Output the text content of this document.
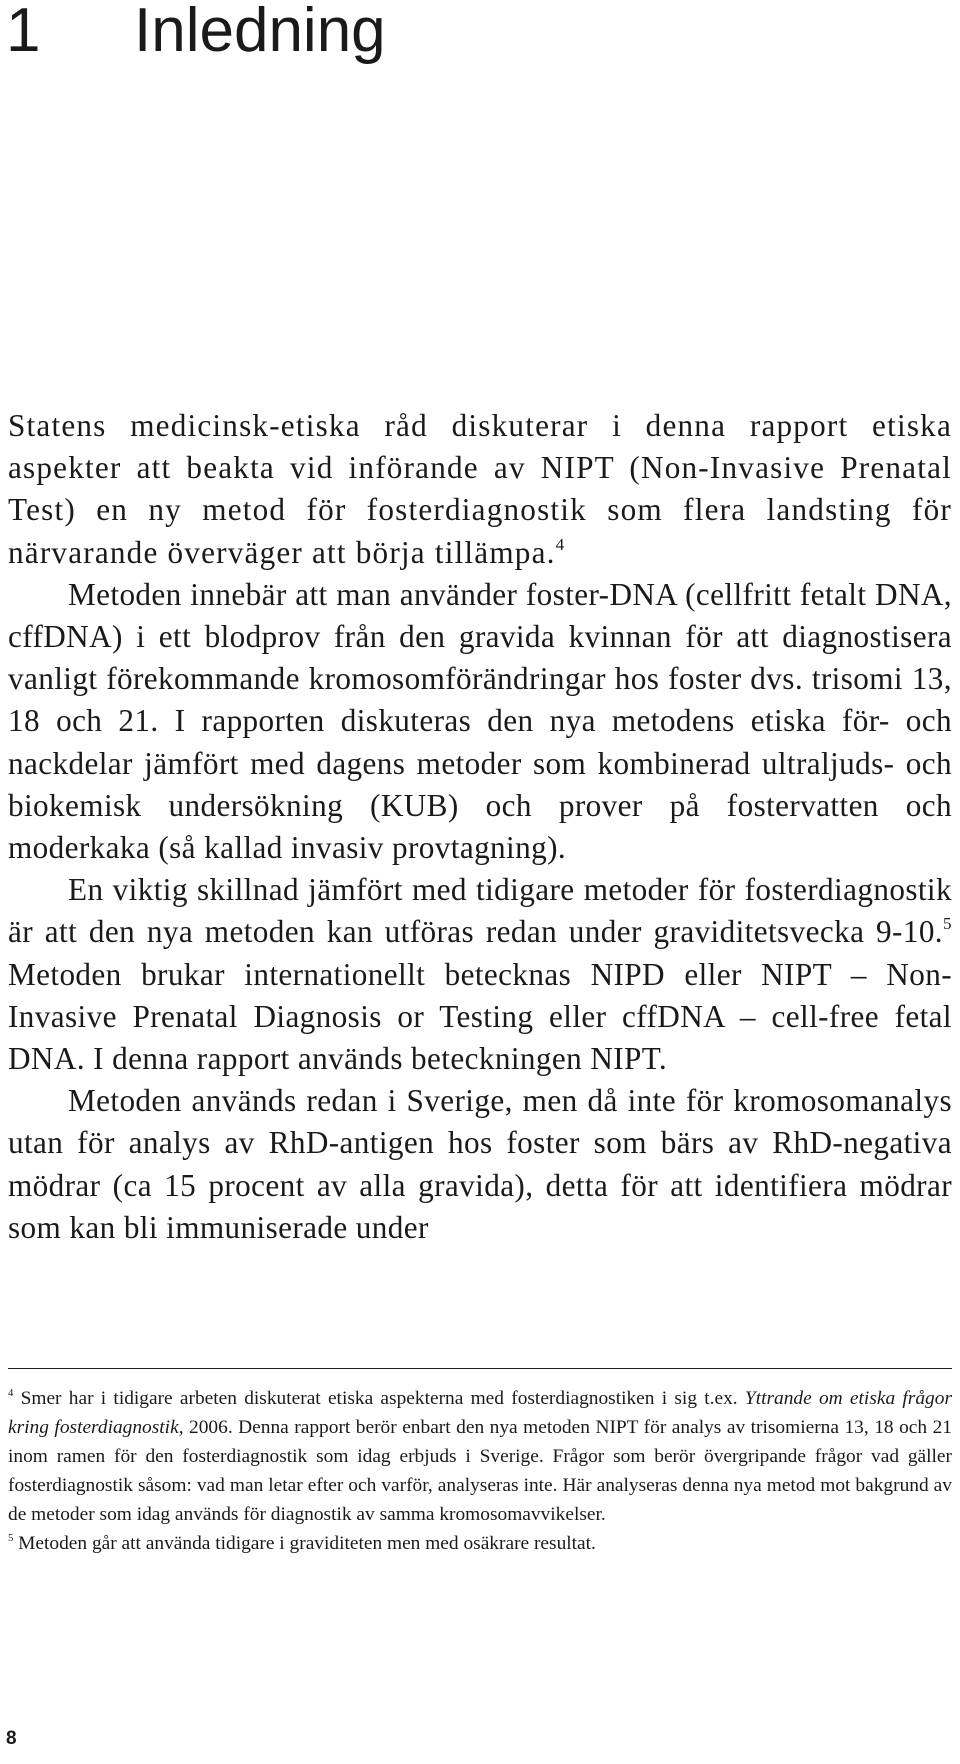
1 Inledning

Statens medicinsk-etiska råd diskuterar i denna rapport etiska aspekter att beakta vid införande av NIPT (Non-Invasive Prenatal Test) en ny metod för fosterdiagnostik som flera landsting för närvarande överväger att börja tillämpa.$^4$

Metoden innebär att man använder foster-DNA (cellfritt fetalt DNA, cffDNA) i ett blodprov från den gravida kvinnan för att diagnostisera vanligt förekommande kromosomförändringar hos foster dvs. trisomi 13, 18 och 21. I rapporten diskuteras den nya metodens etiska för- och nackdelar jämfört med dagens metoder som kombinerad ultraljuds- och biokemisk undersökning (KUB) och prover på fostervatten och moderkaka (så kallad invasiv provtagning).

En viktig skillnad jämfört med tidigare metoder för fosterdiagnostik är att den nya metoden kan utföras redan under graviditetsvecka 9-10.$^5$ Metoden brukar internationellt betecknas NIPD eller NIPT – Non-Invasive Prenatal Diagnosis or Testing eller cffDNA – cell-free fetal DNA. I denna rapport används beteckningen NIPT.

Metoden används redan i Sverige, men då inte för kromosomanalys utan för analys av RhD-antigen hos foster som bärs av RhD-negativa mödrar (ca 15 procent av alla gravida), detta för att identifiera mödrar som kan bli immuniserade under

$^4$ Smer har i tidigare arbeten diskuterat etiska aspekterna med fosterdiagnostiken i sig t.ex. Yttrande om etiska frågor kring fosterdiagnostik, 2006. Denna rapport berör enbart den nya metoden NIPT för analys av trisomierna 13, 18 och 21 inom ramen för den fosterdiagnostik som idag erbjuds i Sverige. Frågor som berör övergripande frågor vad gäller fosterdiagnostik såsom: vad man letar efter och varför, analyseras inte. Här analyseras denna nya metod mot bakgrund av de metoder som idag används för diagnostik av samma kromosomavvikelser.

$^5$ Metoden går att använda tidigare i graviditeten men med osäkrare resultat.

8
